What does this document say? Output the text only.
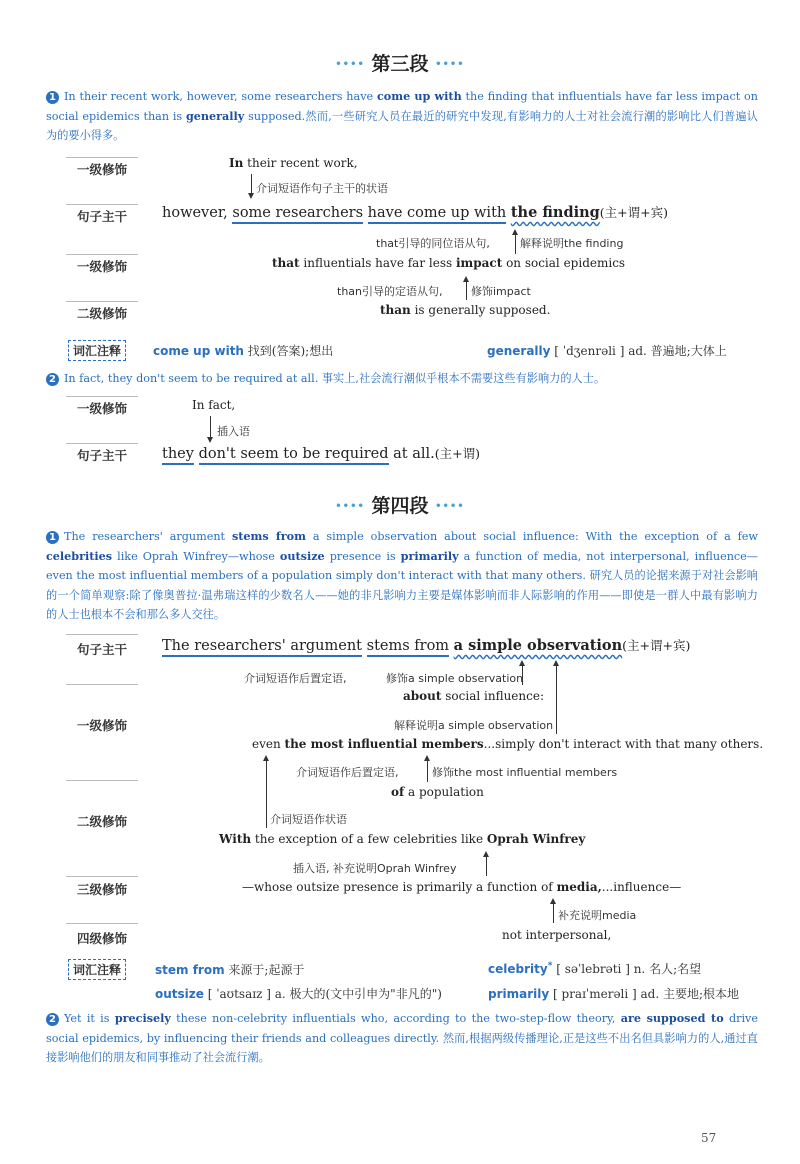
•••• 第三段 ••••
1 In their recent work, however, some researchers have come up with the finding that influentials have far less impact on social epidemics than is generally supposed.然而,一些研究人员在最近的研究中发现,有影响力的人士对社会流行潮的影响比人们普遍认为的要小得多。
一级修饰	In their recent work,
介词短语作句子主干的状语
句子主干	however, some researchers have come up with the finding(主+谓+宾)
that引导的同位语从句,	解释说明the finding
一级修饰	that influentials have far less impact on social epidemics
than引导的定语从句,	修饰impact
二级修饰	than is generally supposed.
词汇注释	come up with 找到(答案);想出	generally [ ˈdʒenrəli ] ad. 普遍地;大体上
2 In fact, they don't seem to be required at all. 事实上,社会流行潮似乎根本不需要这些有影响力的人士。
一级修饰	In fact,
插入语
句子主干	they don't seem to be required at all.(主+谓)
•••• 第四段 ••••
1 The researchers' argument stems from a simple observation about social influence: With the exception of a few celebrities like Oprah Winfrey—whose outsize presence is primarily a function of media, not interpersonal, influence—even the most influential members of a population simply don't interact with that many others. 研究人员的论据来源于对社会影响的一个简单观察:除了像奥普拉·温弗瑞这样的少数名人——她的非凡影响力主要是媒体影响而非人际影响的作用——即使是一群人中最有影响力的人士也根本不会和那么多人交往。
句子主干	The researchers' argument stems from a simple observation(主+谓+宾)
介词短语作后置定语,	修饰a simple observation
about social influence:
一级修饰	解释说明a simple observation
even the most influential members...simply don't interact with that many others.
介词短语作后置定语,	修饰the most influential members
of a population
二级修饰	介词短语作状语
With the exception of a few celebrities like Oprah Winfrey
插入语, 补充说明Oprah Winfrey
三级修饰	—whose outsize presence is primarily a function of media,...influence—
补充说明media
四级修饰	not interpersonal,
词汇注释	stem from 来源于;起源于	celebrity* [ səˈlebrəti ] n. 名人;名望
outsize [ ˈaʊtsaɪz ] a. 极大的(文中引申为"非凡的")	primarily [ praɪˈmerəli ] ad. 主要地;根本地
2 Yet it is precisely these non-celebrity influentials who, according to the two-step-flow theory, are supposed to drive social epidemics, by influencing their friends and colleagues directly. 然而,根据两级传播理论,正是这些不出名但具影响力的人,通过直接影响他们的朋友和同事推动了社会流行潮。
57
